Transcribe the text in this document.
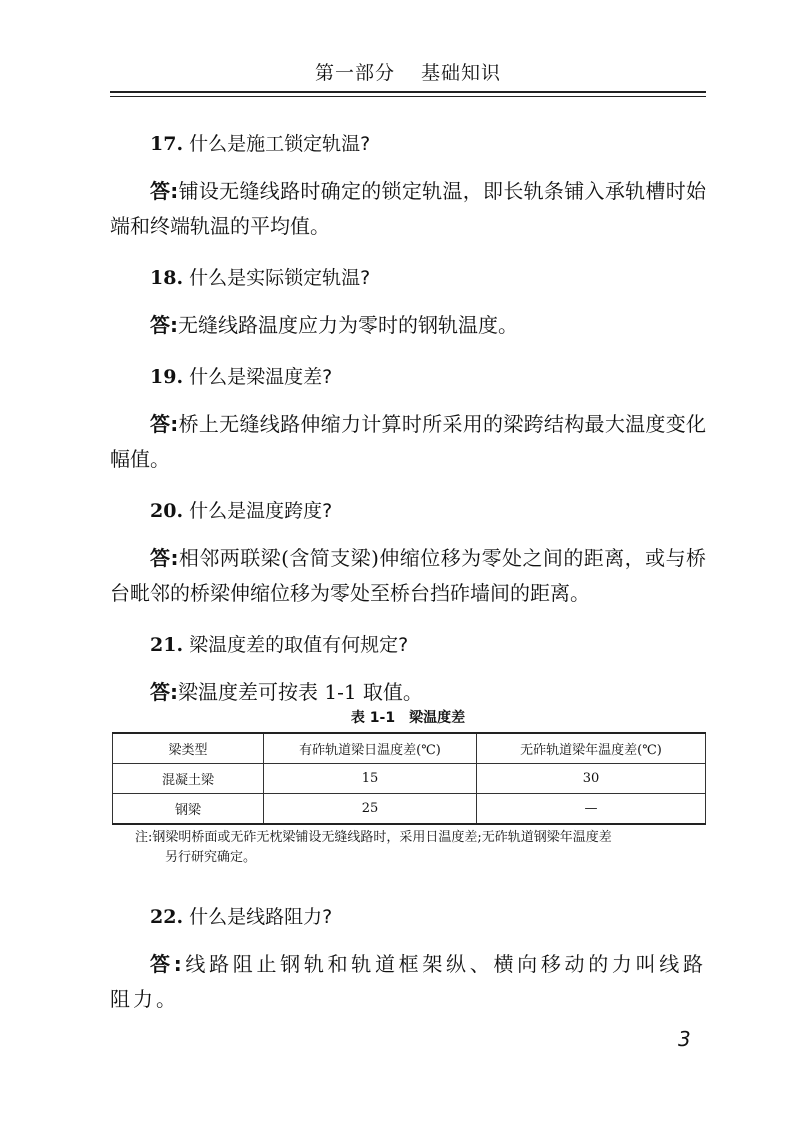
第一部分 基础知识

17. 什么是施工锁定轨温?

答:铺设无缝线路时确定的锁定轨温，即长轨条铺入承轨槽时始端和终端轨温的平均值。

18. 什么是实际锁定轨温?

答:无缝线路温度应力为零时的钢轨温度。

19. 什么是梁温度差?

答:桥上无缝线路伸缩力计算时所采用的梁跨结构最大温度变化幅值。

20. 什么是温度跨度?

答:相邻两联梁(含简支梁)伸缩位移为零处之间的距离，或与桥台毗邻的桥梁伸缩位移为零处至桥台挡砟墙间的距离。

21. 梁温度差的取值有何规定?

答:梁温度差可按表 1-1 取值。

表 1-1 梁温度差
梁类型	有砟轨道梁日温度差(℃)	无砟轨道梁年温度差(℃)
混凝土梁	15	30
钢梁	25	—
注:钢梁明桥面或无砟无枕梁铺设无缝线路时，采用日温度差;无砟轨道钢梁年温度差
另行研究确定。

22. 什么是线路阻力?

答:线路阻止钢轨和轨道框架纵、横向移动的力叫线路阻力。

3
